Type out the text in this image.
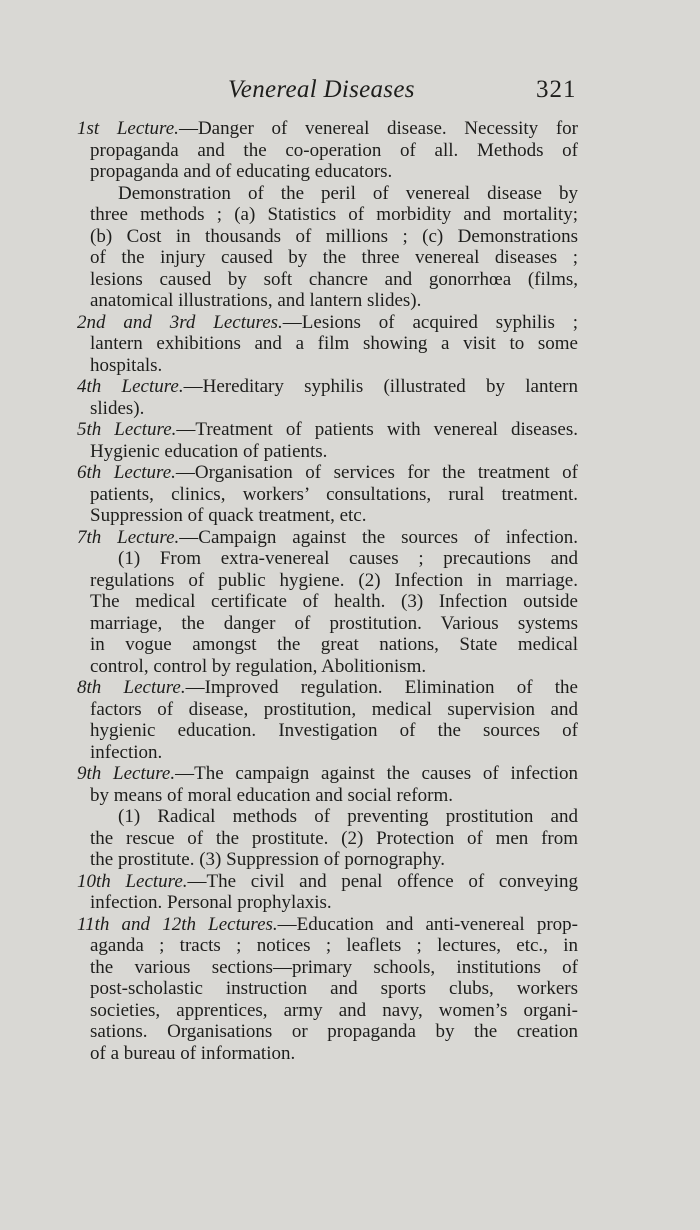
Venereal Diseases	321
1st Lecture.—Danger of venereal disease. Necessity for
propaganda and the co-operation of all. Methods of
propaganda and of educating educators.
Demonstration of the peril of venereal disease by
three methods ; (a) Statistics of morbidity and mortality;
(b) Cost in thousands of millions ; (c) Demonstrations
of the injury caused by the three venereal diseases ;
lesions caused by soft chancre and gonorrhœa (films,
anatomical illustrations, and lantern slides).
2nd and 3rd Lectures.—Lesions of acquired syphilis ;
lantern exhibitions and a film showing a visit to some
hospitals.
4th Lecture.—Hereditary syphilis (illustrated by lantern
slides).
5th Lecture.—Treatment of patients with venereal diseases.
Hygienic education of patients.
6th Lecture.—Organisation of services for the treatment of
patients, clinics, workers’ consultations, rural treatment.
Suppression of quack treatment, etc.
7th Lecture.—Campaign against the sources of infection.
(1) From extra-venereal causes ; precautions and
regulations of public hygiene. (2) Infection in marriage.
The medical certificate of health. (3) Infection outside
marriage, the danger of prostitution. Various systems
in vogue amongst the great nations, State medical
control, control by regulation, Abolitionism.
8th Lecture.—Improved regulation. Elimination of the
factors of disease, prostitution, medical supervision and
hygienic education. Investigation of the sources of
infection.
9th Lecture.—The campaign against the causes of infection
by means of moral education and social reform.
(1) Radical methods of preventing prostitution and
the rescue of the prostitute. (2) Protection of men from
the prostitute. (3) Suppression of pornography.
10th Lecture.—The civil and penal offence of conveying
infection. Personal prophylaxis.
11th and 12th Lectures.—Education and anti-venereal prop-
aganda ; tracts ; notices ; leaflets ; lectures, etc., in
the various sections—primary schools, institutions of
post-scholastic instruction and sports clubs, workers
societies, apprentices, army and navy, women’s organi-
sations. Organisations or propaganda by the creation
of a bureau of information.
